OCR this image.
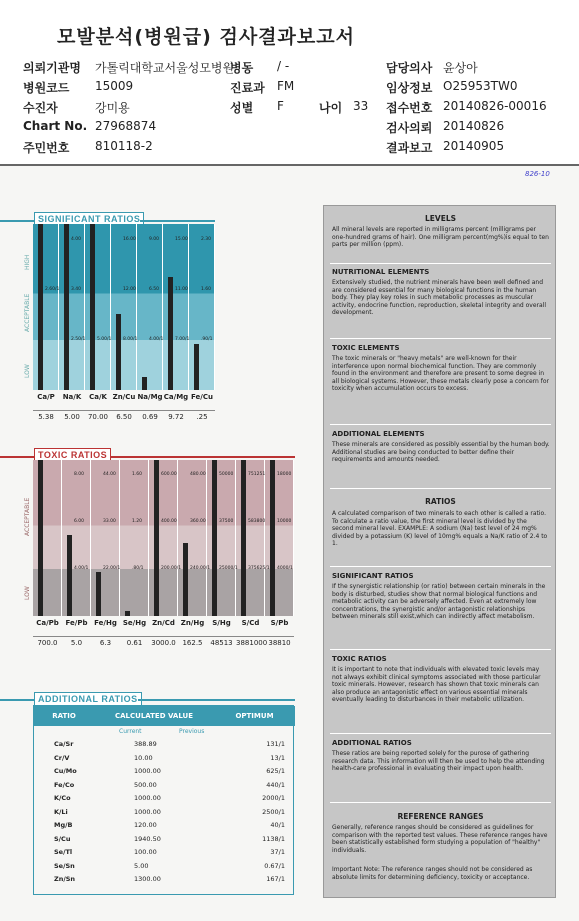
모발분석(병원급) 검사결과보고서
의뢰기관명 가톨릭대학교서울성모병원
병동 / -	담당의사 윤상아
병원코드 15009	진료과 FM	임상정보 O25953TW0
수진자	강미용	성별 F	접수번호 20140826-00016
나이 33
Chart No. 27968874	검사의뢰 20140826
주민번호 810118-2	결과보고 20140905
826-10
SIGNIFICANT RATIOS
2.60/1
Ca/P
5.38
4.00
3.40
2.50/1
Na/K
5.00
5.00/1
Ca/K
70.00
16.00
12.00
8.00/1
Zn/Cu
6.50
9.00
6.50
4.00/1
Na/Mg
0.69
15.00
11.00
7.00/1
Ca/Mg
9.72
2.30
1.60
.90/1
Fe/Cu
.25
TOXIC RATIOS
Ca/Pb
700.0
8.00
6.00
4.00/1
Fe/Pb
5.0
44.00
33.00
22.00/1
Fe/Hg
6.3
1.60
1.20
.80/1
Se/Hg
0.61
600.00
400.00
200.00/1
Zn/Cd
3000.0
480.00
360.00
240.00/1
Zn/Hg
162.5
50000
37500
25000/1
S/Hg
48513
751251
583800
375625/1
S/Cd
3881000
18000
10000
4000/1
S/Pb
38810
ADDITIONAL RATIOS
RATIO	CALCULATED VALUE	OPTIMUM
Current	Previous
Ca/Sr	388.89	131/1
Cr/V	10.00	13/1
Cu/Mo	1000.00	625/1
Fe/Co	500.00	440/1
K/Co	1000.00	2000/1
K/Li	1000.00	2500/1
Mg/B	120.00	40/1
S/Cu	1940.50	1138/1
Se/Tl	100.00	37/1
Se/Sn	5.00	0.67/1
Zn/Sn	1300.00	167/1
LEVELS
All mineral levels are reported in milligrams percent (milligrams per one-hundred grams of hair). One milligram percent(mg%)is equal to ten parts per million (ppm).
NUTRITIONAL ELEMENTS
Extensively studied, the nutrient minerals have been well defined and are considered essential for many biological functions in the human body. They play key roles in such metabolic processes as muscular activity, endocrine function, reproduction, skeletal integrity and overall development.
TOXIC ELEMENTS
The toxic minerals or "heavy metals" are well-known for their interference upon normal biochemical function. They are commonly found in the environment and therefore are present to some degree in all biological systems. However, these metals clearly pose a concern for toxicity when accumulation occurs to excess.
ADDITIONAL ELEMENTS
These minerals are considered as possibly essential by the human body. Additional studies are being conducted to better define their requirements and amounts needed.
RATIOS
A calculated comparison of two minerals to each other is called a ratio. To calculate a ratio value, the first mineral level is divided by the second mineral level. EXAMPLE: A sodium (Na) test level of 24 mg% divided by a potassium (K) level of 10mg% equals a Na/K ratio of 2.4 to 1.
SIGNIFICANT RATIOS
If the synergistic relationship (or ratio) between certain minerals in the body is disturbed, studies show that normal biological functions and metabolic activity can be adversely affected. Even at extremely low concentrations, the synergistic and/or antagonistic relationships between minerals still exist,which can indirectly affect metabolism.
TOXIC RATIOS
It is important to note that individuals with elevated toxic levels may not always exhibit clinical symptoms associated with those particular toxic minerals. However, research has shown that toxic minerals can also produce an antagonistic effect on various essential minerals eventually leading to disturbances in their metabolic utilization.
ADDITIONAL RATIOS
These ratios are being reported solely for the purose of gathering research data. This information will then be used to help the attending health-care professional in evaluating their impact upon health.
REFERENCE RANGES
Generally, reference ranges should be considered as guidelines for comparison with the reported test values. These reference ranges have been statistically established form studying a population of "healthy" individuals.
Important Note: The reference ranges should not be considered as absolute limits for determining deficiency, toxicity or acceptance.
HIGH
ACCEPTABLE
LOW
ACCEPTABLE
LOW
